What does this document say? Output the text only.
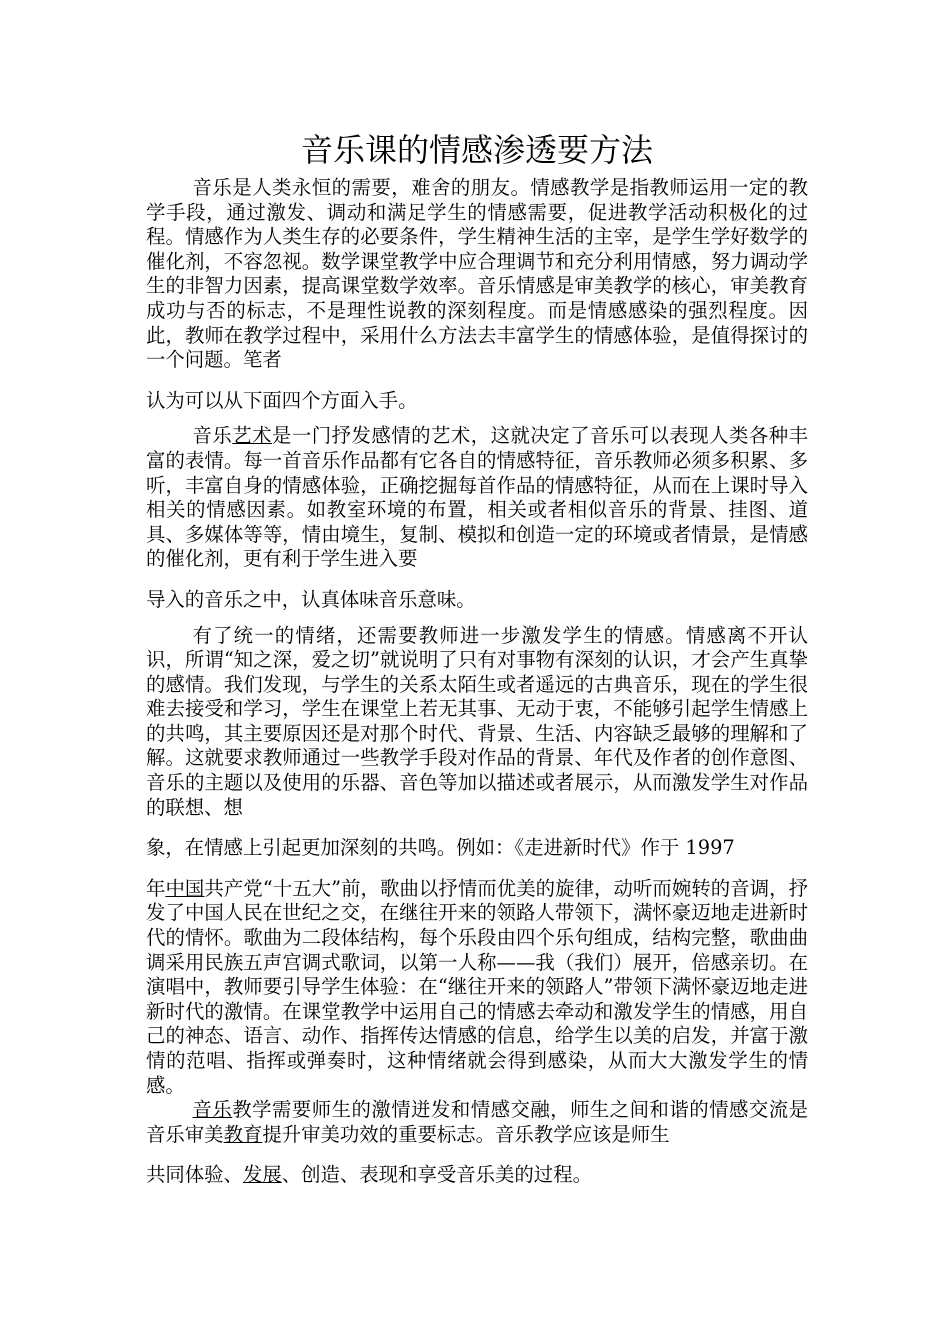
音乐课的情感渗透要方法

音乐是人类永恒的需要，难舍的朋友。情感教学是指教师运用一定的教学手段，通过激发、调动和满足学生的情感需要，促进教学活动积极化的过程。情感作为人类生存的必要条件，学生精神生活的主宰，是学生学好数学的催化剂，不容忽视。数学课堂教学中应合理调节和充分利用情感，努力调动学生的非智力因素，提高课堂数学效率。音乐情感是审美教学的核心，审美教育成功与否的标志，不是理性说教的深刻程度。而是情感感染的强烈程度。因此，教师在教学过程中，采用什么方法去丰富学生的情感体验，是值得探讨的一个问题。笔者
认为可以从下面四个方面入手。

音乐艺术是一门抒发感情的艺术，这就决定了音乐可以表现人类各种丰富的表情。每一首音乐作品都有它各自的情感特征，音乐教师必须多积累、多听，丰富自身的情感体验，正确挖掘每首作品的情感特征，从而在上课时导入相关的情感因素。如教室环境的布置，相关或者相似音乐的背景、挂图、道具、多媒体等等，情由境生，复制、模拟和创造一定的环境或者情景，是情感的催化剂，更有利于学生进入要
导入的音乐之中，认真体味音乐意味。

有了统一的情绪，还需要教师进一步激发学生的情感。情感离不开认识，所谓“知之深，爱之切”就说明了只有对事物有深刻的认识，才会产生真挚的感情。我们发现，与学生的关系太陌生或者遥远的古典音乐，现在的学生很难去接受和学习，学生在课堂上若无其事、无动于衷，不能够引起学生情感上的共鸣，其主要原因还是对那个时代、背景、生活、内容缺乏最够的理解和了解。这就要求教师通过一些教学手段对作品的背景、年代及作者的创作意图、音乐的主题以及使用的乐器、音色等加以描述或者展示，从而激发学生对作品的联想、想
象，在情感上引起更加深刻的共鸣。例如：《走进新时代》作于 1997

年中国共产党“十五大”前，歌曲以抒情而优美的旋律，动听而婉转的音调，抒发了中国人民在世纪之交，在继往开来的领路人带领下，满怀豪迈地走进新时代的情怀。歌曲为二段体结构，每个乐段由四个乐句组成，结构完整，歌曲曲调采用民族五声宫调式歌词，以第一人称——我（我们）展开，倍感亲切。在演唱中，教师要引导学生体验：在“继往开来的领路人”带领下满怀豪迈地走进新时代的激情。在课堂教学中运用自己的情感去牵动和激发学生的情感，用自己的神态、语言、动作、指挥传达情感的信息，给学生以美的启发，并富于激情的范唱、指挥或弹奏时，这种情绪就会得到感染，从而大大激发学生的情感。

音乐教学需要师生的激情迸发和情感交融，师生之间和谐的情感交流是音乐审美教育提升审美功效的重要标志。音乐教学应该是师生
共同体验、发展、创造、表现和享受音乐美的过程。
